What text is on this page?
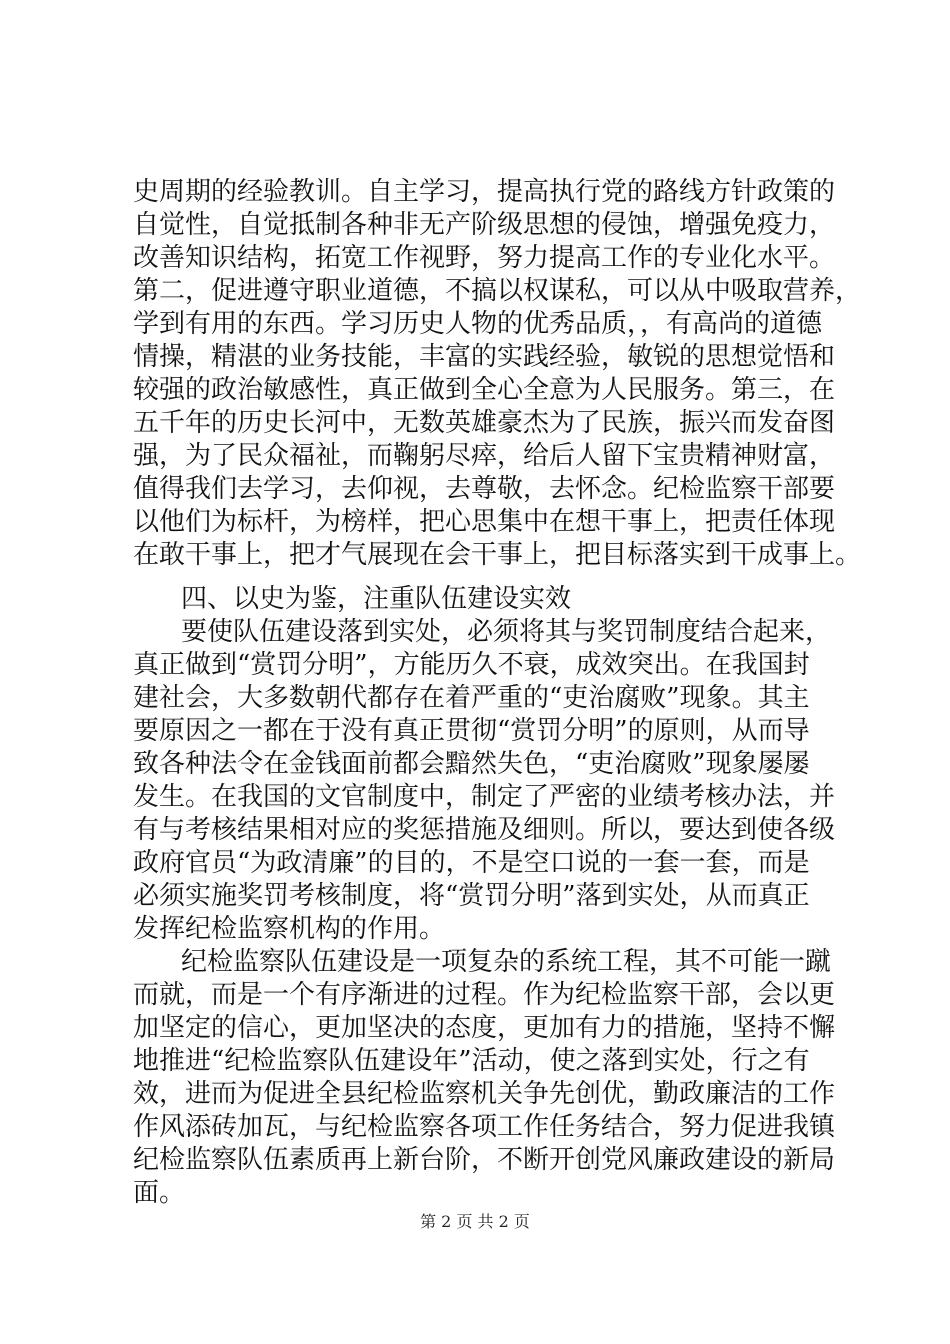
史周期的经验教训。自主学习，提高执行党的路线方针政策的
自觉性，自觉抵制各种非无产阶级思想的侵蚀，增强免疫力，
改善知识结构，拓宽工作视野，努力提高工作的专业化水平。
第二，促进遵守职业道德，不搞以权谋私，可以从中吸取营养，
学到有用的东西。学习历史人物的优秀品质，，有高尚的道德
情操，精湛的业务技能，丰富的实践经验，敏锐的思想觉悟和
较强的政治敏感性，真正做到全心全意为人民服务。第三，在
五千年的历史长河中，无数英雄豪杰为了民族，振兴而发奋图
强，为了民众福祉，而鞠躬尽瘁，给后人留下宝贵精神财富，
值得我们去学习，去仰视，去尊敬，去怀念。纪检监察干部要
以他们为标杆，为榜样，把心思集中在想干事上，把责任体现
在敢干事上，把才气展现在会干事上，把目标落实到干成事上。
四、以史为鉴，注重队伍建设实效
要使队伍建设落到实处，必须将其与奖罚制度结合起来，
真正做到“赏罚分明”，方能历久不衰，成效突出。在我国封
建社会，大多数朝代都存在着严重的“吏治腐败”现象。其主
要原因之一都在于没有真正贯彻“赏罚分明”的原则，从而导
致各种法令在金钱面前都会黯然失色，“吏治腐败”现象屡屡
发生。在我国的文官制度中，制定了严密的业绩考核办法，并
有与考核结果相对应的奖惩措施及细则。所以，要达到使各级
政府官员“为政清廉”的目的，不是空口说的一套一套，而是
必须实施奖罚考核制度，将“赏罚分明”落到实处，从而真正
发挥纪检监察机构的作用。
纪检监察队伍建设是一项复杂的系统工程，其不可能一蹴
而就，而是一个有序渐进的过程。作为纪检监察干部，会以更
加坚定的信心，更加坚决的态度，更加有力的措施，坚持不懈
地推进“纪检监察队伍建设年”活动，使之落到实处，行之有
效，进而为促进全县纪检监察机关争先创优，勤政廉洁的工作
作风添砖加瓦，与纪检监察各项工作任务结合，努力促进我镇
纪检监察队伍素质再上新台阶，不断开创党风廉政建设的新局
面。
第 2 页 共 2 页
